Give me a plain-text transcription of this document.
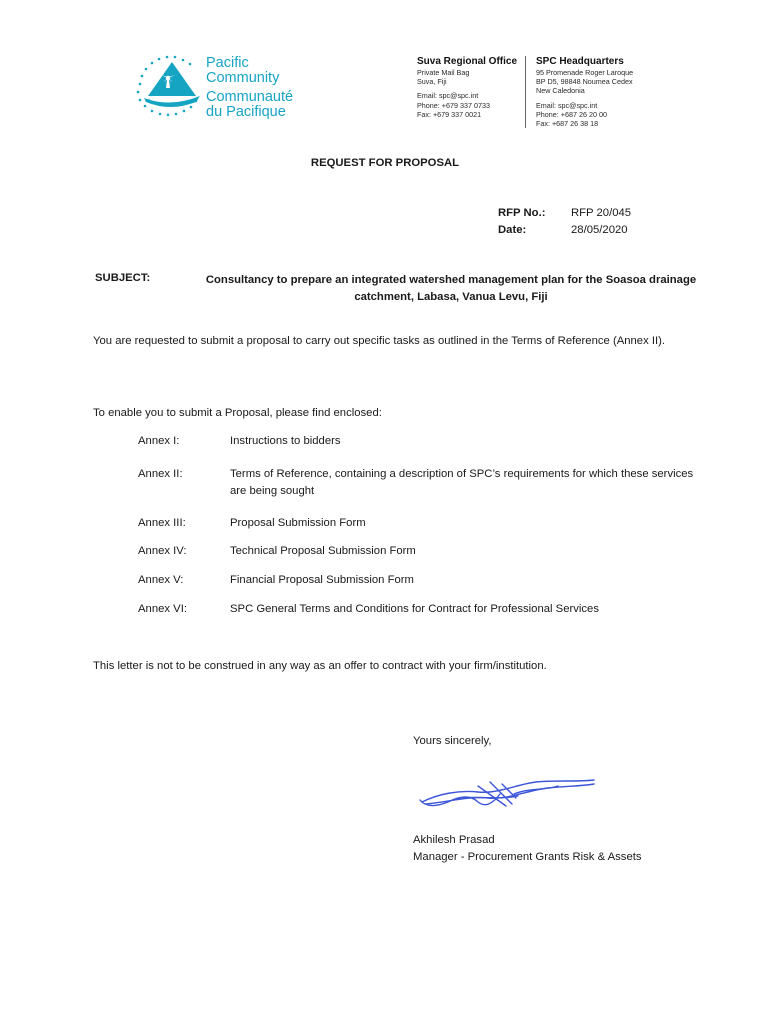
Pacific
Community
Communauté
du Pacifique
Suva Regional Office
Private Mail Bag
Suva, Fiji
Email: spc@spc.int
Phone: +679 337 0733
Fax: +679 337 0021
SPC Headquarters
95 Promenade Roger Laroque
BP D5, 98848 Noumea Cedex
New Caledonia
Email: spc@spc.int
Phone: +687 26 20 00
Fax: +687 26 38 18
REQUEST FOR PROPOSAL
RFP No.:	RFP 20/045
Date:	28/05/2020
SUBJECT:	Consultancy to prepare an integrated watershed management plan for the Soasoa drainage catchment, Labasa, Vanua Levu, Fiji
You are requested to submit a proposal to carry out specific tasks as outlined in the Terms of Reference (Annex II).
To enable you to submit a Proposal, please find enclosed:
Annex I:	Instructions to bidders
Annex II:	Terms of Reference, containing a description of SPC’s requirements for which these services are being sought
Annex III:	Proposal Submission Form
Annex IV:	Technical Proposal Submission Form
Annex V:	Financial Proposal Submission Form
Annex VI:	SPC General Terms and Conditions for Contract for Professional Services
This letter is not to be construed in any way as an offer to contract with your firm/institution.
Yours sincerely,
Akhilesh Prasad
Manager - Procurement Grants Risk & Assets
